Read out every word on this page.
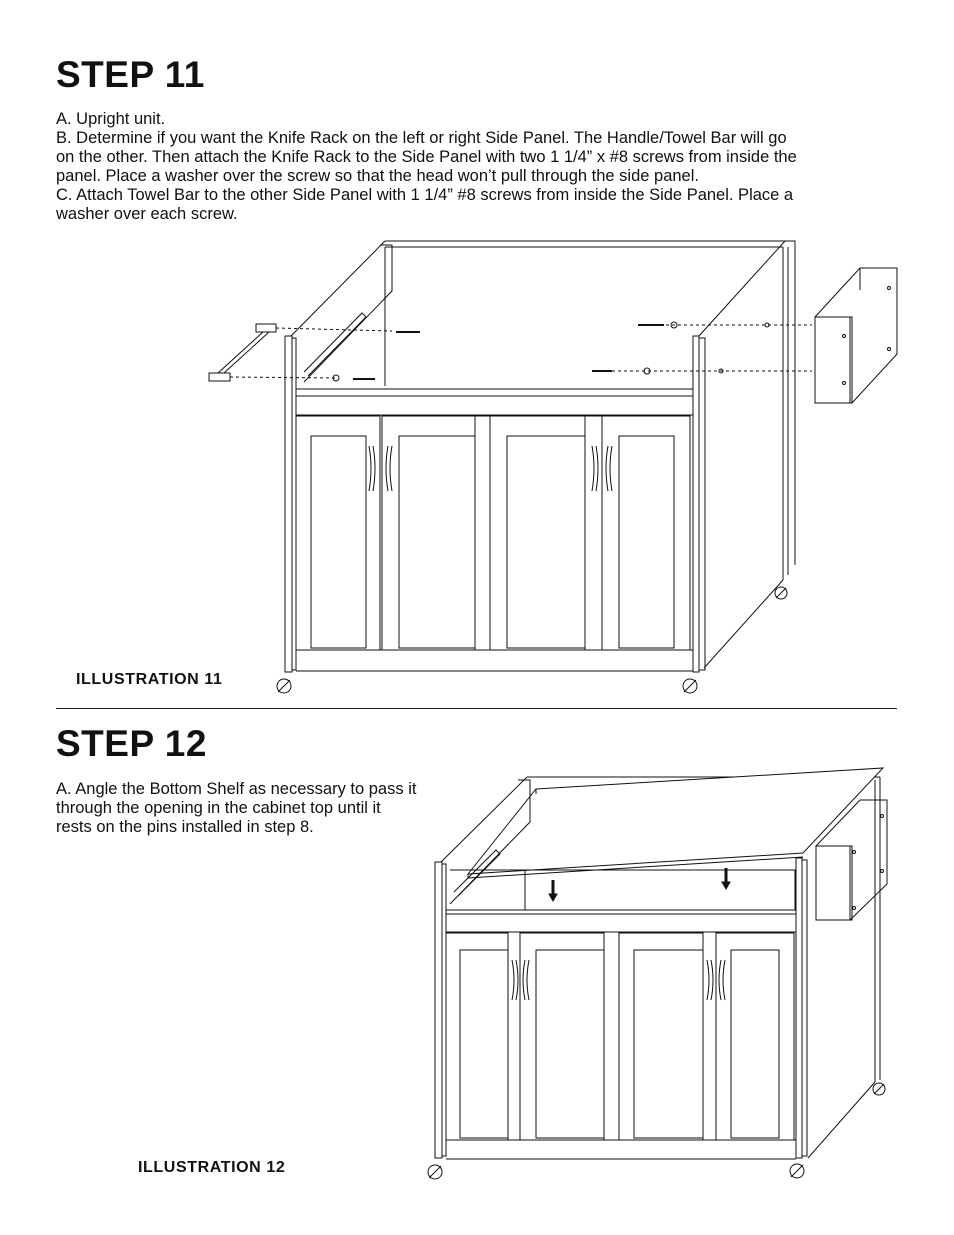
STEP 11

A. Upright unit.

B. Determine if you want the Knife Rack on the left or right Side Panel. The Handle/Towel Bar will go

on the other. Then attach the Knife Rack to the Side Panel with two 1 1/4” x #8 screws from inside the

panel. Place a washer over the screw so that the head won’t pull through the side panel.

C. Attach Towel Bar to the other Side Panel with 1 1/4” #8 screws from inside the Side Panel. Place a

washer over each screw.

ILLUSTRATION 11
STEP 12

A. Angle the Bottom Shelf as necessary to pass it

through the opening in the cabinet top until it

rests on the pins installed in step 8.

ILLUSTRATION 12
